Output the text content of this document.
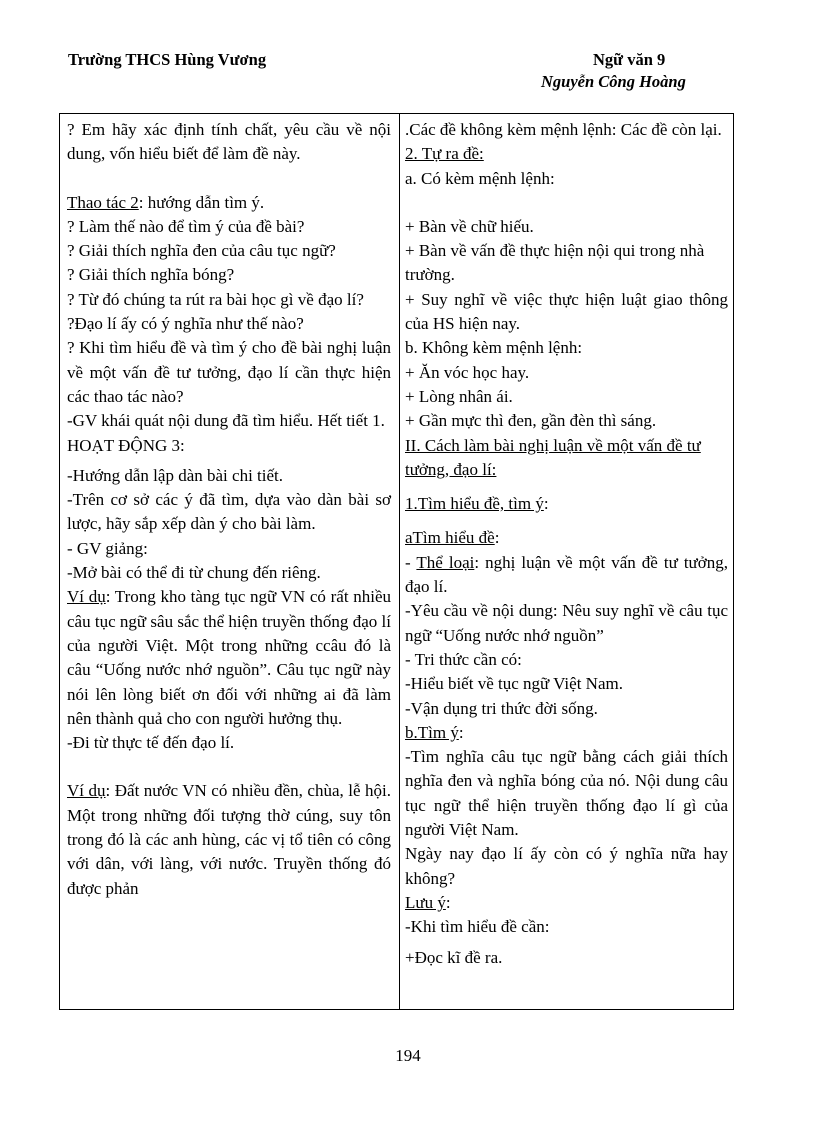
Trường THCS Hùng Vương	Ngữ văn 9
Nguyễn Công Hoàng

? Em hãy xác định tính chất, yêu cầu về nội dung, vốn hiểu biết để làm đề này.

Thao tác 2: hướng dẫn tìm ý.

? Làm thế nào để tìm ý của đề bài?

? Giải thích nghĩa đen của câu tục ngữ?

? Giải thích nghĩa bóng?

? Từ đó chúng ta rút ra bài học gì về đạo lí?

?Đạo lí ấy có ý nghĩa như thế nào?

? Khi tìm hiểu đề và tìm ý cho đề bài nghị luận về một vấn đề tư tưởng, đạo lí cần thực hiện các thao tác nào?

-GV khái quát nội dung đã tìm hiểu. Hết tiết 1.

HOẠT ĐỘNG 3:

-Hướng dẫn lập dàn bài chi tiết.

-Trên cơ sở các ý đã tìm, dựa vào dàn bài sơ lược, hãy sắp xếp dàn ý cho bài làm.

- GV giảng:

-Mở bài có thể đi từ chung đến riêng.

Ví dụ: Trong kho tàng tục ngữ VN có rất nhiều câu tục ngữ sâu sắc thể hiện truyền thống đạo lí của người Việt. Một trong những ccâu đó là câu “Uống nước nhớ nguồn”. Câu tục ngữ này nói lên lòng biết ơn đối với những ai đã làm nên thành quả cho con người hưởng thụ.

-Đi từ thực tế đến đạo lí.

Ví dụ: Đất nước VN có nhiều đền, chùa, lễ hội. Một trong những đối tượng thờ cúng, suy tôn trong đó là các anh hùng, các vị tổ tiên có công với dân, với làng, với nước. Truyền thống đó được phản

.Các đề không kèm mệnh lệnh: Các đề còn lại.

2. Tự ra đề:

a. Có kèm mệnh lệnh:

+ Bàn về chữ hiếu.

+ Bàn về vấn đề thực hiện nội qui trong nhà trường.

+ Suy nghĩ về việc thực hiện luật giao thông của HS hiện nay.

b. Không kèm mệnh lệnh:

+ Ăn vóc học hay.

+ Lòng nhân ái.

+ Gần mực thì đen, gần đèn thì sáng.

II. Cách làm bài nghị luận về một vấn đề tư tưởng, đạo lí:

1.Tìm hiểu đề, tìm ý:

aTìm hiểu đề:

- Thể loại: nghị luận về một vấn đề tư tưởng, đạo lí.

-Yêu cầu về nội dung: Nêu suy nghĩ về câu tục ngữ “Uống nước nhớ nguồn”

- Tri thức cần có:

-Hiểu biết về tục ngữ Việt Nam.

-Vận dụng tri thức đời sống.

b.Tìm ý:

-Tìm nghĩa câu tục ngữ bằng cách giải thích nghĩa đen và nghĩa bóng của nó. Nội dung câu tục ngữ thể hiện truyền thống đạo lí gì của người Việt Nam.

Ngày nay đạo lí ấy còn có ý nghĩa nữa hay không?

Lưu ý:

-Khi tìm hiểu đề cần:

+Đọc kĩ đề ra.

194
